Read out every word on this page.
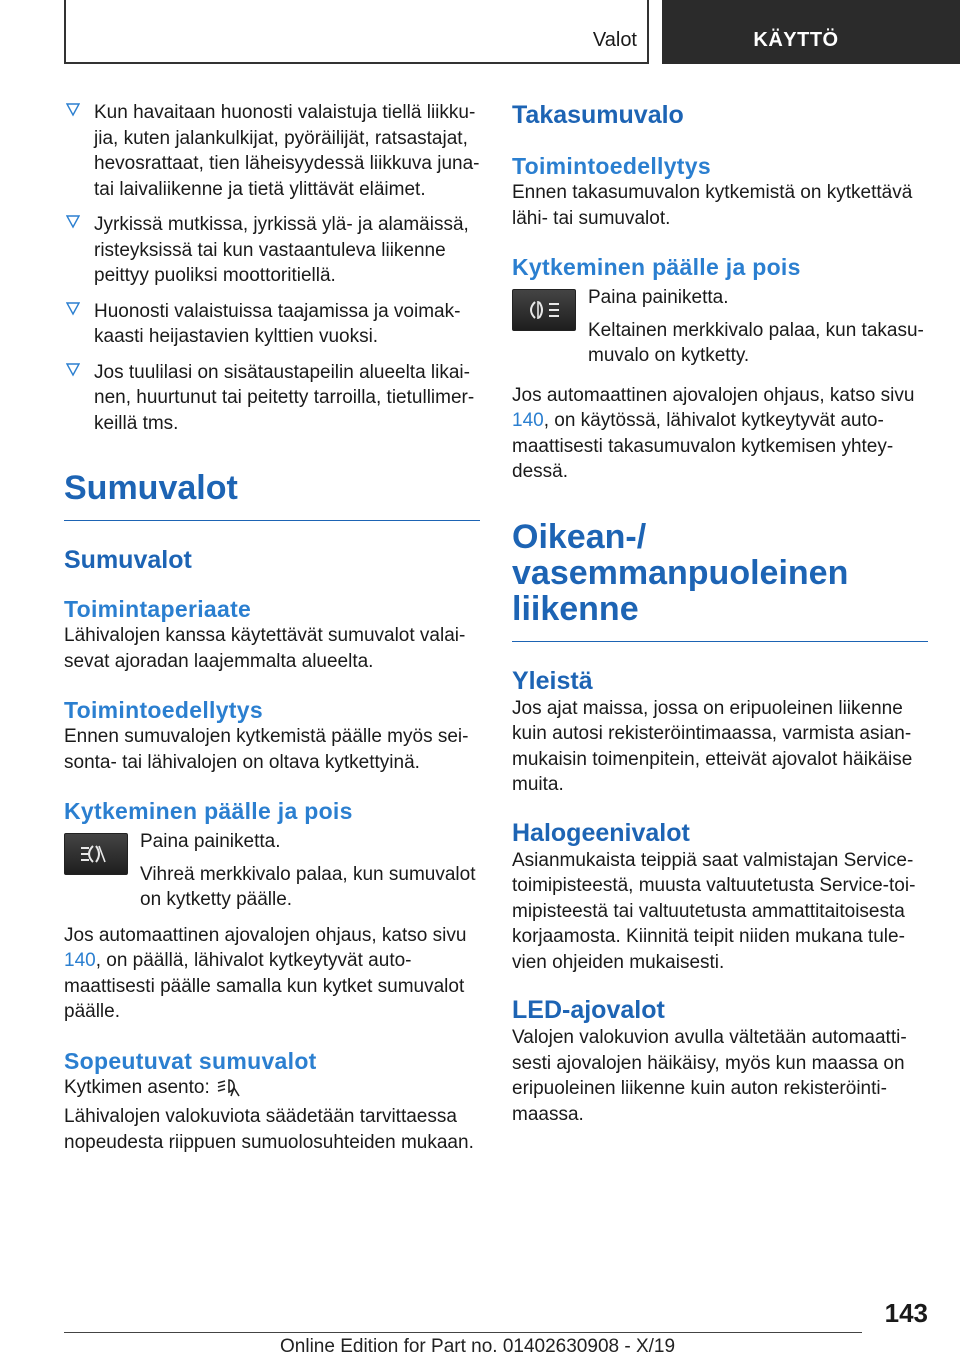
Valot	KÄYTTÖ
Kun havaitaan huonosti valaistuja tiellä liikkujia, kuten jalankulkijat, pyöräilijät, ratsastajat, hevosrattaat, tien läheisyydessä liikkuva juna- tai laivaliikenne ja tietä ylittävät eläimet.
Jyrkissä mutkissa, jyrkissä ylä- ja alamäissä, risteyksissä tai kun vastaantuleva liikenne peittyy puoliksi moottoritiellä.
Huonosti valaistuissa taajamissa ja voimakkaasti heijastavien kylttien vuoksi.
Jos tuulilasi on sisätaustapeilin alueelta likainen, huurtunut tai peitetty tarroilla, tietullimerkeillä tms.
Sumuvalot
Sumuvalot
Toimintaperiaate

Lähivalojen kanssa käytettävät sumuvalot valaisevat ajoradan laajemmalta alueelta.

Toimintoedellytys

Ennen sumuvalojen kytkemistä päälle myös seisonta- tai lähivalojen on oltava kytkettyinä.

Kytkeminen päälle ja pois

Paina painiketta.

Vihreä merkkivalo palaa, kun sumuvalot on kytketty päälle.

Jos automaattinen ajovalojen ohjaus, katso sivu 140, on päällä, lähivalot kytkeytyvät automaattisesti päälle samalla kun kytket sumuvalot päälle.

Sopeutuvat sumuvalot

Kytkimen asento:

Lähivalojen valokuviota säädetään tarvittaessa nopeudesta riippuen sumuolosuhteiden mukaan.

Takasumuvalo
Toimintoedellytys

Ennen takasumuvalon kytkemistä on kytkettävä lähi- tai sumuvalot.

Kytkeminen päälle ja pois

Paina painiketta.

Keltainen merkkivalo palaa, kun takasumuvalo on kytketty.

Jos automaattinen ajovalojen ohjaus, katso sivu 140, on käytössä, lähivalot kytkeytyvät automaattisesti takasumuvalon kytkemisen yhteydessä.

Oikean-/ vasemmanpuoleinen liikenne
Yleistä

Jos ajat maissa, jossa on eripuoleinen liikenne kuin autosi rekisteröintimaassa, varmista asianmukaisin toimenpitein, etteivät ajovalot häikäise muita.

Halogeenivalot

Asianmukaista teippiä saat valmistajan Service-toimipisteestä, muusta valtuutetusta Service-toimipisteestä tai valtuutetusta ammattitaitoisesta korjaamosta. Kiinnitä teipit niiden mukana tulevien ohjeiden mukaisesti.

LED-ajovalot

Valojen valokuvion avulla vältetään automaattisesti ajovalojen häikäisy, myös kun maassa on eripuoleinen liikenne kuin auton rekisteröintimaassa.

143
Online Edition for Part no. 01402630908 - X/19
